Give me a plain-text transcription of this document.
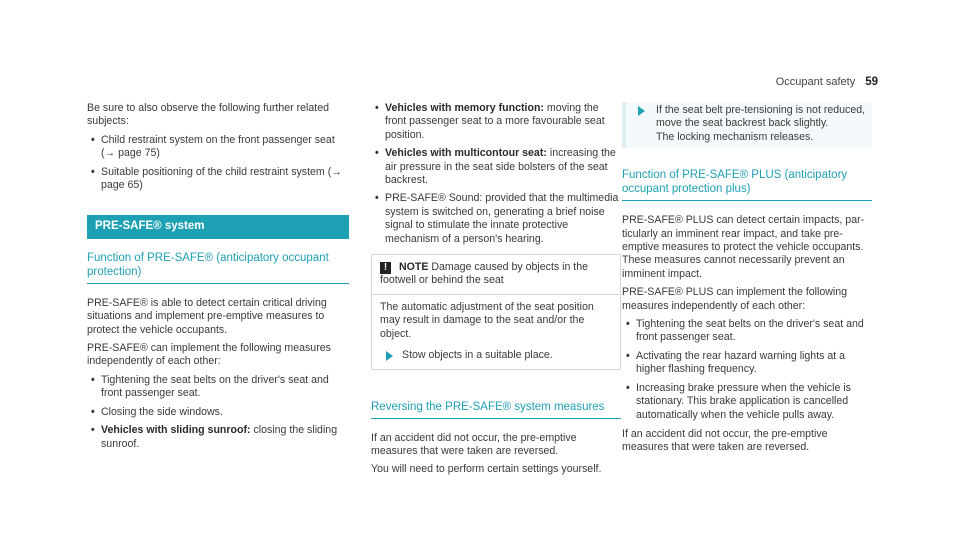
Occupant safety 59

Be sure to also observe the following further related subjects:

• Child restraint system on the front passenger seat (→ page 75)
• Suitable positioning of the child restraint system (→ page 65)
PRE-SAFE® system
Function of PRE-SAFE® (anticipatory occupant protection)

PRE-SAFE® is able to detect certain critical driving situations and implement pre-emptive measures to protect the vehicle occupants.

PRE-SAFE® can implement the following measures independently of each other:

• Tightening the seat belts on the driver's seat and front passenger seat.
• Closing the side windows.
• Vehicles with sliding sunroof: closing the sliding sunroof.
• Vehicles with memory function: moving the front passenger seat to a more favourable seat position.
• Vehicles with multicontour seat: increasing the air pressure in the seat side bolsters of the seat backrest.
• PRE-SAFE® Sound: provided that the multimedia system is switched on, generating a brief noise signal to stimulate the innate protective mechanism of a person's hearing.
! NOTE Damage caused by objects in the footwell or behind the seat

The automatic adjustment of the seat position may result in damage to the seat and/or the object.

Stow objects in a suitable place.
Reversing the PRE-SAFE® system measures

If an accident did not occur, the pre-emptive measures that were taken are reversed.

You will need to perform certain settings yourself.

If the seat belt pre-tensioning is not reduced, move the seat backrest back slightly.
The locking mechanism releases.
Function of PRE-SAFE® PLUS (anticipatory occupant protection plus)

PRE-SAFE® PLUS can detect certain impacts, particularly an imminent rear impact, and take pre-emptive measures to protect the vehicle occupants. These measures cannot necessarily prevent an imminent impact.

PRE-SAFE® PLUS can implement the following measures independently of each other:

• Tightening the seat belts on the driver's seat and front passenger seat.
• Activating the rear hazard warning lights at a higher flashing frequency.
• Increasing brake pressure when the vehicle is stationary. This brake application is cancelled automatically when the vehicle pulls away.

If an accident did not occur, the pre-emptive measures that were taken are reversed.
